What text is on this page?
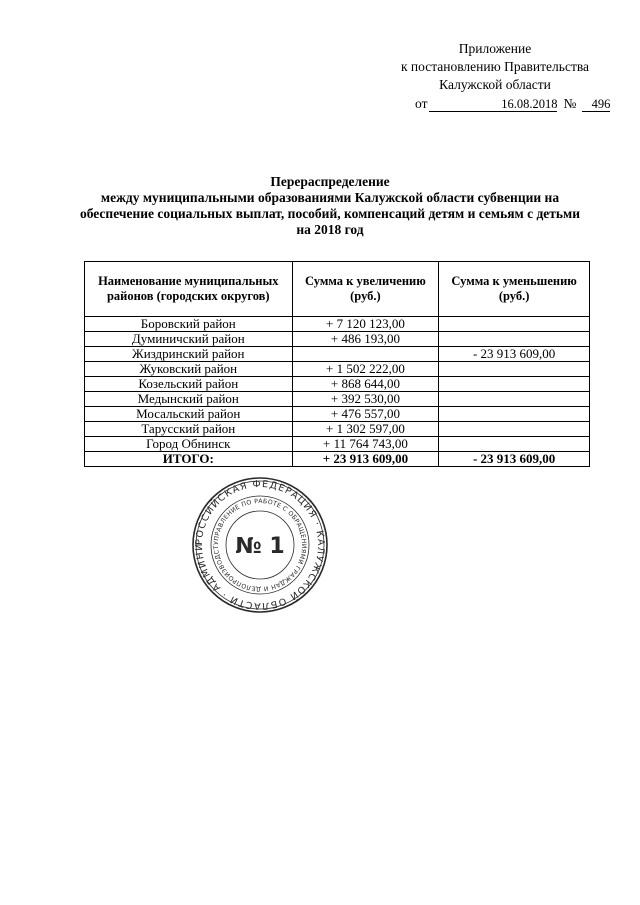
Приложение
к постановлению Правительства
Калужской области
от	16.08.2018 № 496
Перераспределение
между муниципальными образованиями Калужской области субвенции на
обеспечение социальных выплат, пособий, компенсаций детям и семьям с детьми
на 2018 год
Наименование муниципальных районов (городских округов)	Сумма к увеличению (руб.)	Сумма к уменьшению (руб.)
Боровский район	+ 7 120 123,00	
Думиничский район	+ 486 193,00	
Жиздринский район		- 23 913 609,00
Жуковский район	+ 1 502 222,00	
Козельский район	+ 868 644,00	
Медынский район	+ 392 530,00	
Мосальский район	+ 476 557,00	
Тарусский район	+ 1 302 597,00	
Город Обнинск	+ 11 764 743,00	
ИТОГО:	+ 23 913 609,00	- 23 913 609,00
РОССИЙСКАЯ ФЕДЕРАЦИЯ · КАЛУЖСКОЙ ОБЛАСТИ · АДМИНИ	УПРАВЛЕНИЕ ПО РАБОТЕ С ОБРАЩЕНИЯМИ ГРАЖДАН И ДЕЛОПРОИЗВОДСТ № 1
